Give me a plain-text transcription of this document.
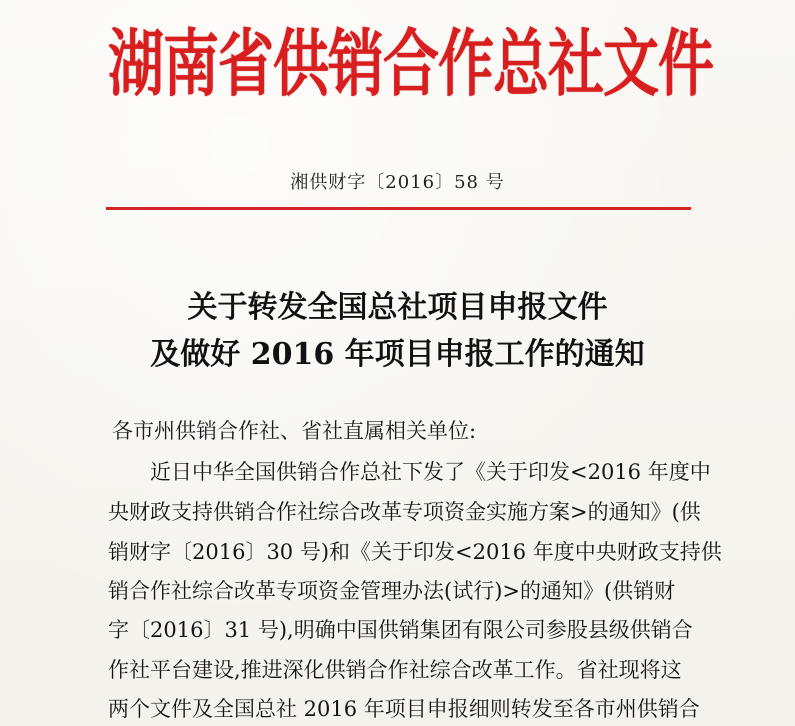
湖南省供销合作总社文件
湘供财字〔2016〕58 号
关于转发全国总社项目申报文件
及做好 2016 年项目申报工作的通知
各市州供销合作社、省社直属相关单位:
近日中华全国供销合作总社下发了《关于印发<2016 年度中
央财政支持供销合作社综合改革专项资金实施方案>的通知》(供
销财字〔2016〕30 号)和《关于印发<2016 年度中央财政支持供
销合作社综合改革专项资金管理办法(试行)>的通知》(供销财
字〔2016〕31 号),明确中国供销集团有限公司参股县级供销合
作社平台建设,推进深化供销合作社综合改革工作。省社现将这
两个文件及全国总社 2016 年项目申报细则转发至各市州供销合
